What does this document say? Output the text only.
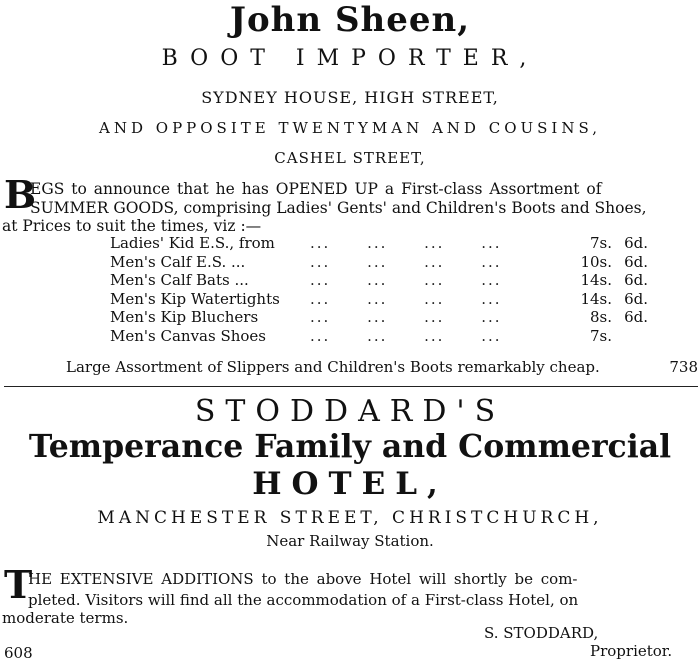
John Sheen,
BOOT IMPORTER,
SYDNEY HOUSE, HIGH STREET,
AND OPPOSITE TWENTYMAN AND COUSINS,
CASHEL STREET,
B
EGS to announce that he has OPENED UP a First-class Assortment of
SUMMER GOODS, comprising Ladies' Gents' and Children's Boots and Shoes,
at Prices to suit the times, viz :—
Ladies' Kid E.S., from	... ... ... ...	7s.	6d.
Men's Calf E.S. ...	... ... ... ...	10s.	6d.
Men's Calf Bats ...	... ... ... ...	14s.	6d.
Men's Kip Watertights	... ... ... ...	14s.	6d.
Men's Kip Bluchers	... ... ... ...	8s.	6d.
Men's Canvas Shoes	... ... ... ...	7s.	
Large Assortment of Slippers and Children's Boots remarkably cheap.	738
STODDARD'S
Temperance Family and Commercial
HOTEL,
MANCHESTER STREET, CHRISTCHURCH,
Near Railway Station.
T
HE EXTENSIVE ADDITIONS to the above Hotel will shortly be com-
pleted. Visitors will find all the accommodation of a First-class Hotel, on
moderate terms.
S. STODDARD,
608	Proprietor.
